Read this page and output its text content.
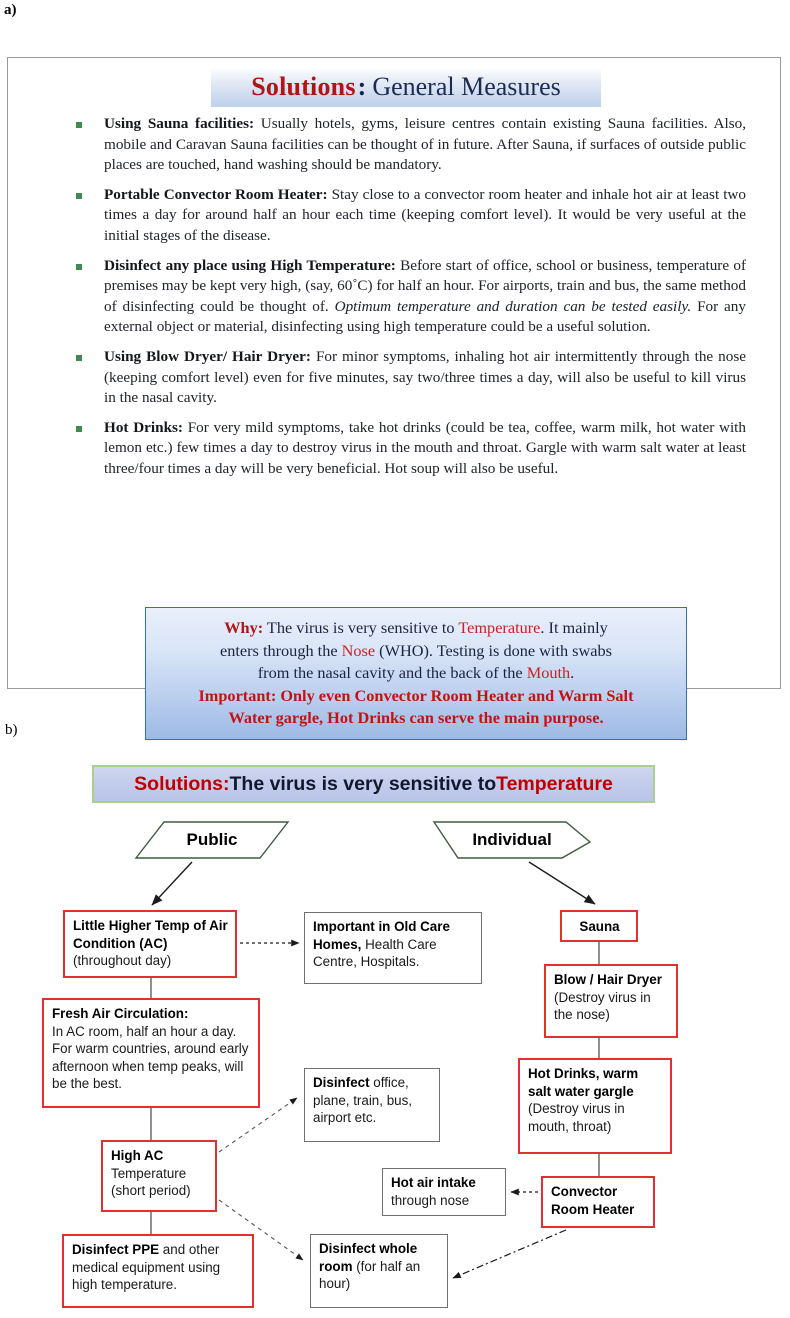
a)
Solutions : General Measures
Using Sauna facilities: Usually hotels, gyms, leisure centres contain existing Sauna facilities. Also, mobile and Caravan Sauna facilities can be thought of in future. After Sauna, if surfaces of outside public places are touched, hand washing should be mandatory.
Portable Convector Room Heater: Stay close to a convector room heater and inhale hot air at least two times a day for around half an hour each time (keeping comfort level). It would be very useful at the initial stages of the disease.
Disinfect any place using High Temperature: Before start of office, school or business, temperature of premises may be kept very high, (say, 60˚C) for half an hour. For airports, train and bus, the same method of disinfecting could be thought of. Optimum temperature and duration can be tested easily. For any external object or material, disinfecting using high temperature could be a useful solution.
Using Blow Dryer/ Hair Dryer: For minor symptoms, inhaling hot air intermittently through the nose (keeping comfort level) even for five minutes, say two/three times a day, will also be useful to kill virus in the nasal cavity.
Hot Drinks: For very mild symptoms, take hot drinks (could be tea, coffee, warm milk, hot water with lemon etc.) few times a day to destroy virus in the mouth and throat. Gargle with warm salt water at least three/four times a day will be very beneficial. Hot soup will also be useful.
Why: The virus is very sensitive to Temperature. It mainly
enters through the Nose (WHO). Testing is done with swabs
from the nasal cavity and the back of the Mouth.
Important: Only even Convector Room Heater and Warm Salt
Water gargle, Hot Drinks can serve the main purpose.
b)
Solutions: The virus is very sensitive to Temperature
Public	Individual
Little Higher Temp of Air Condition (AC)
(throughout day)
Fresh Air Circulation:
In AC room, half an hour a day. For warm countries, around early afternoon when temp peaks, will be the best.
High AC
Temperature (short period)
Disinfect PPE and other medical equipment using high temperature.
Important in Old Care Homes, Health Care Centre, Hospitals.
Disinfect office, plane, train, bus, airport etc.
Hot air intake
through nose
Disinfect whole room (for half an hour)
Sauna
Blow / Hair Dryer (Destroy virus in the nose)
Hot Drinks, warm salt water gargle (Destroy virus in mouth, throat)
Convector Room Heater
